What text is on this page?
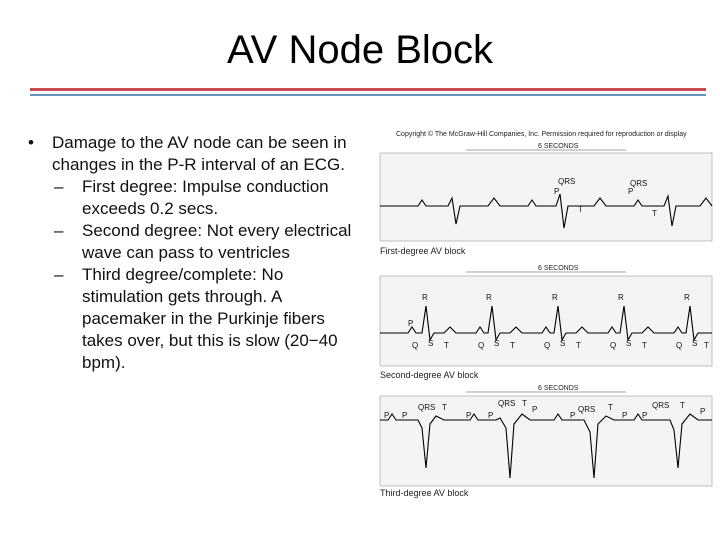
AV Node Block
• Damage to the AV node can be seen in changes in the P-R interval of an ECG.
– First degree: Impulse conduction exceeds 0.2 secs.
– Second degree: Not every electrical wave can pass to ventricles
– Third degree/complete: No stimulation gets through. A pacemaker in the Purkinje fibers takes over, but this is slow (20−40 bpm).
Copyright © The McGraw-Hill Companies, Inc. Permission required for reproduction or display
6 SECONDS
QRS
P
T
QRS
P
T
First-degree AV block
6 SECONDS
R	R	R	R	R
P
Q S T	Q S T	Q S T	Q S T	Q S T
Second-degree AV block
6 SECONDS
QRS	QRS
QRS	QRS
T	T	T	T
P P	P P
P
P	P P	P
Third-degree AV block
